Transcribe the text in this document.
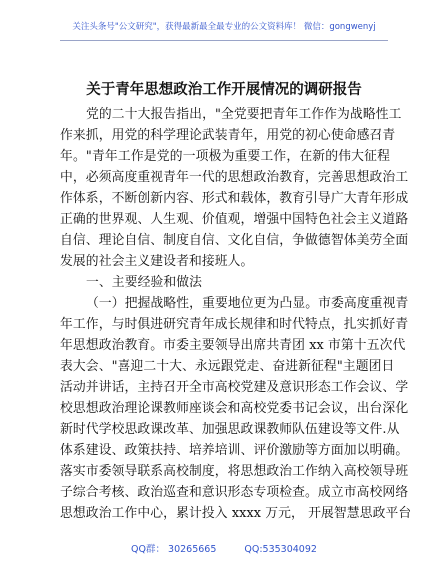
关注头条号"公文研究"，获得最新最全最专业的公文资料库！ 微信：gongwenyj
关于青年思想政治工作开展情况的调研报告
党的二十大报告指出，"全党要把青年工作作为战略性工
作来抓，用党的科学理论武装青年，用党的初心使命感召青
年。"青年工作是党的一项极为重要工作，在新的伟大征程
中，必须高度重视青年一代的思想政治教育，完善思想政治工
作体系，不断创新内容、形式和载体，教育引导广大青年形成
正确的世界观、人生观、价值观，增强中国特色社会主义道路
自信、理论自信、制度自信、文化自信，争做德智体美劳全面
发展的社会主义建设者和接班人。
一、主要经验和做法
（一）把握战略性，重要地位更为凸显。市委高度重视青
年工作，与时俱进研究青年成长规律和时代特点，扎实抓好青
年思想政治教育。市委主要领导出席共青团 xx 市第十五次代
表大会、"喜迎二十大、永远跟党走、奋进新征程"主题团日
活动并讲话，主持召开全市高校党建及意识形态工作会议、学
校思想政治理论课教师座谈会和高校党委书记会议，出台深化
新时代学校思政课改革、加强思政课教师队伍建设等文件.从
体系建设、政策扶持、培养培训、评价激励等方面加以明确。
落实市委领导联系高校制度，将思想政治工作纳入高校领导班
子综合考核、政治巡查和意识形态专项检查。成立市高校网络
思想政治工作中心，累计投入 xxxx 万元， 开展智慧思政平台
QQ群： 30265665	QQ:535304092
